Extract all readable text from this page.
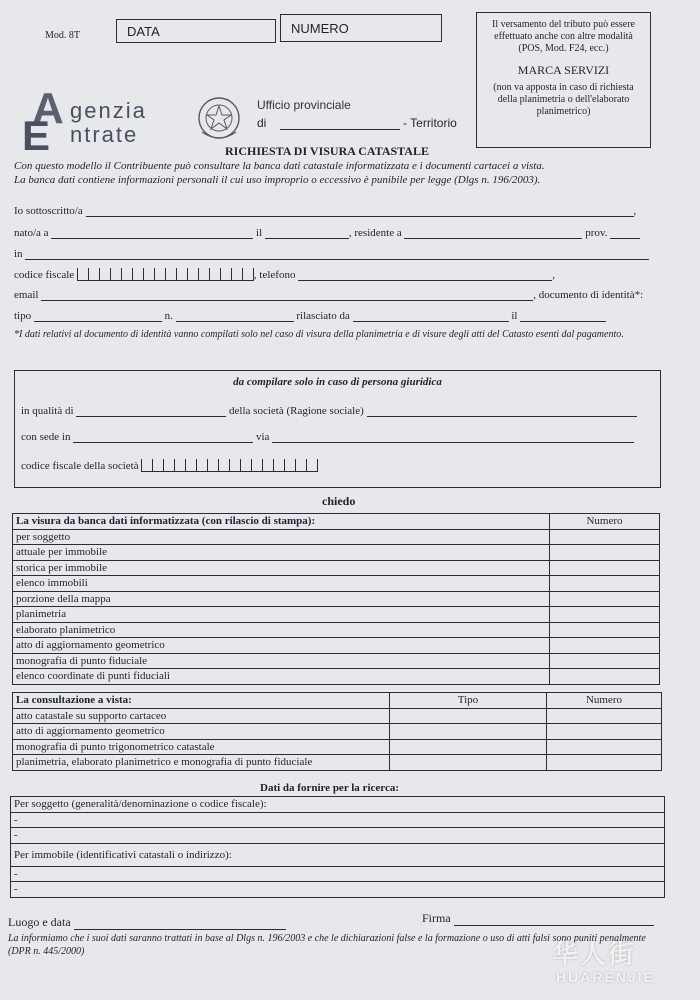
Mod. 8T	DATA	NUMERO	Il versamento del tributo può essere effettuato anche con altre modalità (POS, Mod. F24, ecc.)
MARCA SERVIZI
(non va apposta in caso di richiesta della planimetria o dell'elaborato planimetrico)
A genzia
E ntrate
Ufficio provinciale
di	- Territorio
RICHIESTA DI VISURA CATASTALE
Con questo modello il Contribuente può consultare la banca dati catastale informatizzata e i documenti cartacei a vista.
La banca dati contiene informazioni personali il cui uso improprio o eccessivo è punibile per legge (Dlgs n. 196/2003).
Io sottoscritto/a	,
nato/a a	il	, residente a	prov.
in
codice fiscale	, telefono	,
email	, documento di identità*:
tipo	n.	rilasciato da	il
*I dati relativi al documento di identità vanno compilati solo nel caso di visura della planimetria e di visure degli atti del Catasto esenti dal pagamento.
da compilare solo in caso di persona giuridica
in qualità di	della società (Ragione sociale)
con sede in	via
codice fiscale della società
chiedo
La visura da banca dati informatizzata (con rilascio di stampa):	Numero
per soggetto	
attuale per immobile	
storica per immobile	
elenco immobili	
porzione della mappa	
planimetria	
elaborato planimetrico	
atto di aggiornamento geometrico	
monografia di punto fiduciale	
elenco coordinate di punti fiduciali	
La consultazione a vista:	Tipo	Numero
atto catastale su supporto cartaceo		
atto di aggiornamento geometrico		
monografia di punto trigonometrico catastale		
planimetria, elaborato planimetrico e monografia di punto fiduciale		
Dati da fornire per la ricerca:
Per soggetto (generalità/denominazione o codice fiscale):
-
-
Per immobile (identificativi catastali o indirizzo):
-
-
Luogo e data	Firma
La informiamo che i suoi dati saranno trattati in base al Dlgs n. 196/2003 e che le dichiarazioni false e la formazione o uso di atti falsi sono puniti penalmente (DPR n. 445/2000)	华人街
HUARENJIE
